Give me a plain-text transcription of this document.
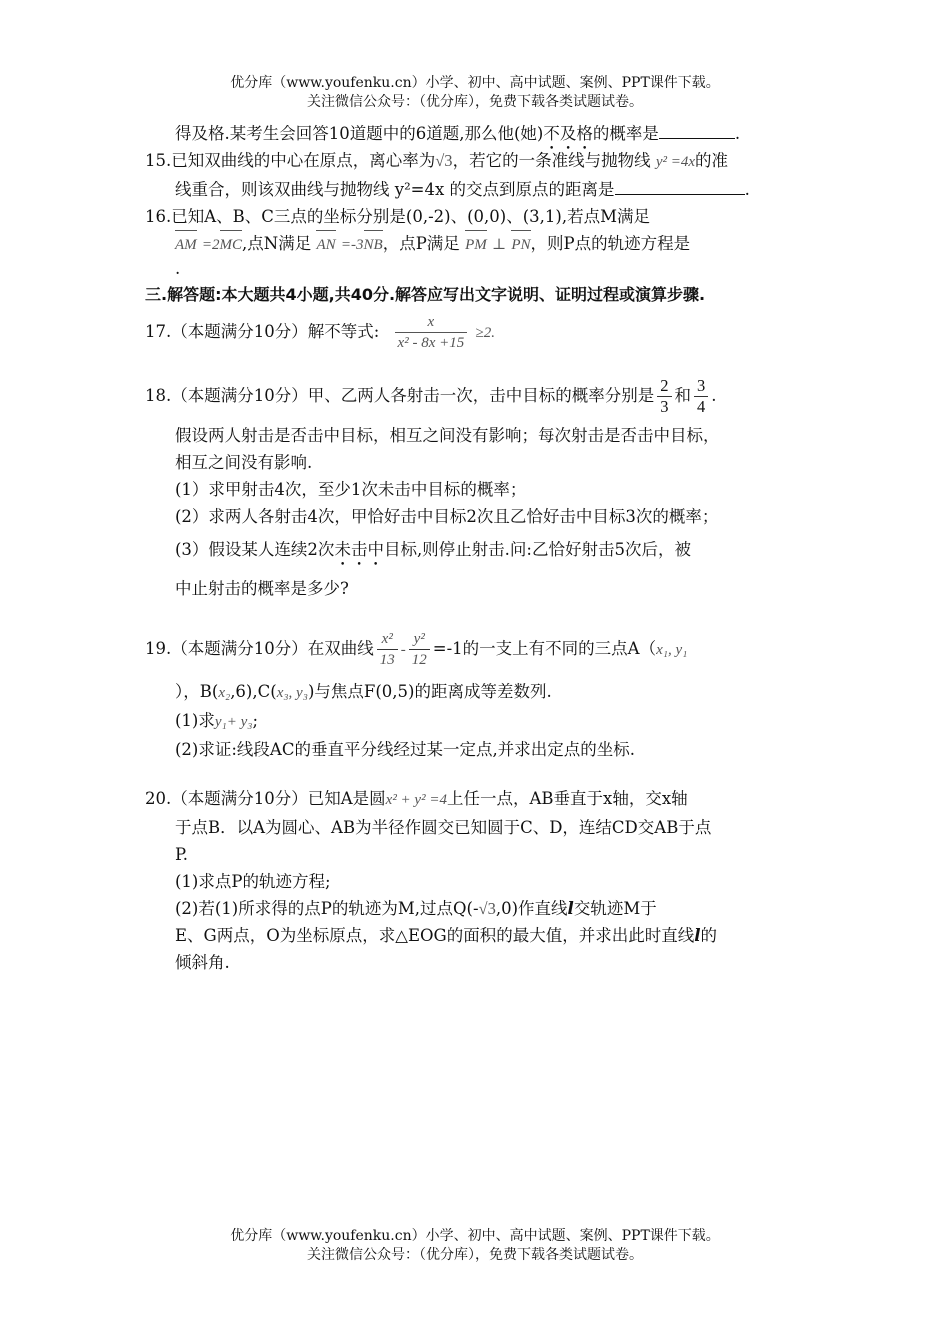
优分库（www.youfenku.cn）小学、初中、高中试题、案例、PPT课件下载。
关注微信公众号：（优分库），免费下载各类试题试卷。
得及格.某考生会回答10道题中的6道题,那么他(她)不及格的概率是	.
15.已知双曲线的中心在原点，离心率为√3，若它的一条准线与抛物线 y² =4x的准
线重合，则该双曲线与抛物线 y²=4x 的交点到原点的距离是	.
16.已知A、B、C三点的坐标分别是(0,-2)、(0,0)、(3,1),若点M满足
AM =2MC,点N满足 AN =-3NB，点P满足 PM ⊥ PN，则P点的轨迹方程是
.
三.解答题:本大题共4小题,共40分.解答应写出文字说明、证明过程或演算步骤.
17.（本题满分10分）解不等式: $\frac{x}{\text{x² - 8x +15}} \ge 2$.
18.（本题满分10分）甲、乙两人各射击一次，击中目标的概率分别是 $\frac{2}{3}$ 和 $\frac{3}{4}$ .
假设两人射击是否击中目标，相互之间没有影响；每次射击是否击中目标，
相互之间没有影响.
(1）求甲射击4次，至少1次未击中目标的概率；
(2）求两人各射击4次，甲恰好击中目标2次且乙恰好击中目标3次的概率；
(3）假设某人连续2次未击中目标,则停止射击.问:乙恰好射击5次后，被
中止射击的概率是多少?
19.（本题满分10分）在双曲线 $\frac{\text{x²}}{13} - \frac{\text{y²}}{12} =-1$的一支上有不同的三点A（x₁, y₁
），B(x₂,6),C(x₃, y₃)与焦点F(0,5)的距离成等差数列.
(1)求y₁+ y₃;
(2)求证:线段AC的垂直平分线经过某一定点,并求出定点的坐标.
20.（本题满分10分）已知A是圆x² + y² =4上任一点，AB垂直于x轴，交x轴
于点B．以A为圆心、AB为半径作圆交已知圆于C、D，连结CD交AB于点
P.
(1)求点P的轨迹方程;
(2)若(1)所求得的点P的轨迹为M,过点Q(-√3,0)作直线l交轨迹M于
E、G两点，O为坐标原点，求△EOG的面积的最大值，并求出此时直线l的
倾斜角.
优分库（www.youfenku.cn）小学、初中、高中试题、案例、PPT课件下载。
关注微信公众号：（优分库），免费下载各类试题试卷。
